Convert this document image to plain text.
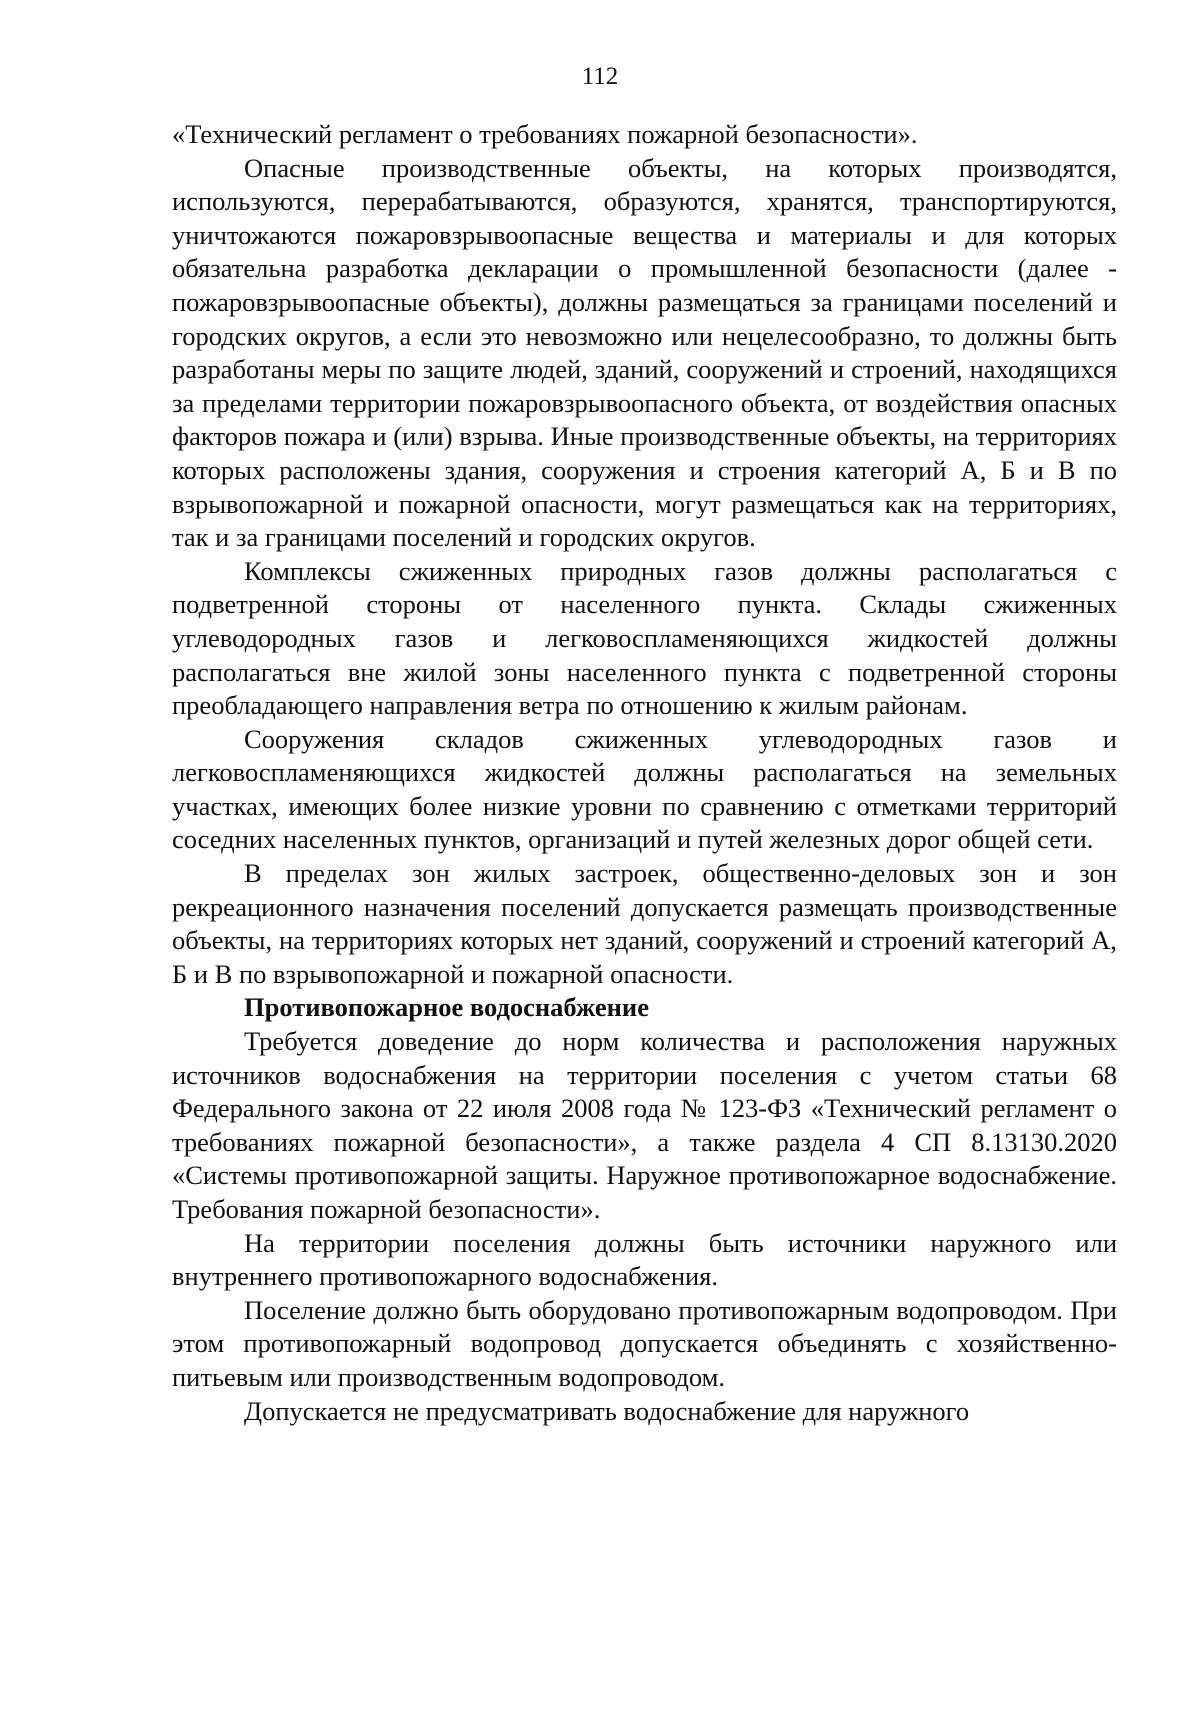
112

«Технический регламент о требованиях пожарной безопасности».

Опасные производственные объекты, на которых производятся, используются, перерабатываются, образуются, хранятся, транспортируются, уничтожаются пожаровзрывоопасные вещества и материалы и для которых обязательна разработка декларации о промышленной безопасности (далее - пожаровзрывоопасные объекты), должны размещаться за границами поселений и городских округов, а если это невозможно или нецелесообразно, то должны быть разработаны меры по защите людей, зданий, сооружений и строений, находящихся за пределами территории пожаровзрывоопасного объекта, от воздействия опасных факторов пожара и (или) взрыва. Иные производственные объекты, на территориях которых расположены здания, сооружения и строения категорий А, Б и В по взрывопожарной и пожарной опасности, могут размещаться как на территориях, так и за границами поселений и городских округов.

Комплексы сжиженных природных газов должны располагаться с подветренной стороны от населенного пункта. Склады сжиженных углеводородных газов и легковоспламеняющихся жидкостей должны располагаться вне жилой зоны населенного пункта с подветренной стороны преобладающего направления ветра по отношению к жилым районам.

Сооружения складов сжиженных углеводородных газов и легковоспламеняющихся жидкостей должны располагаться на земельных участках, имеющих более низкие уровни по сравнению с отметками территорий соседних населенных пунктов, организаций и путей железных дорог общей сети.

В пределах зон жилых застроек, общественно-деловых зон и зон рекреационного назначения поселений допускается размещать производственные объекты, на территориях которых нет зданий, сооружений и строений категорий А, Б и В по взрывопожарной и пожарной опасности.

Противопожарное водоснабжение

Требуется доведение до норм количества и расположения наружных источников водоснабжения на территории поселения с учетом статьи 68 Федерального закона от 22 июля 2008 года № 123-ФЗ «Технический регламент о требованиях пожарной безопасности», а также раздела 4 СП 8.13130.2020 «Системы противопожарной защиты. Наружное противопожарное водоснабжение. Требования пожарной безопасности».

На территории поселения должны быть источники наружного или внутреннего противопожарного водоснабжения.

Поселение должно быть оборудовано противопожарным водопроводом. При этом противопожарный водопровод допускается объединять с хозяйственно-питьевым или производственным водопроводом.

Допускается не предусматривать водоснабжение для наружного
